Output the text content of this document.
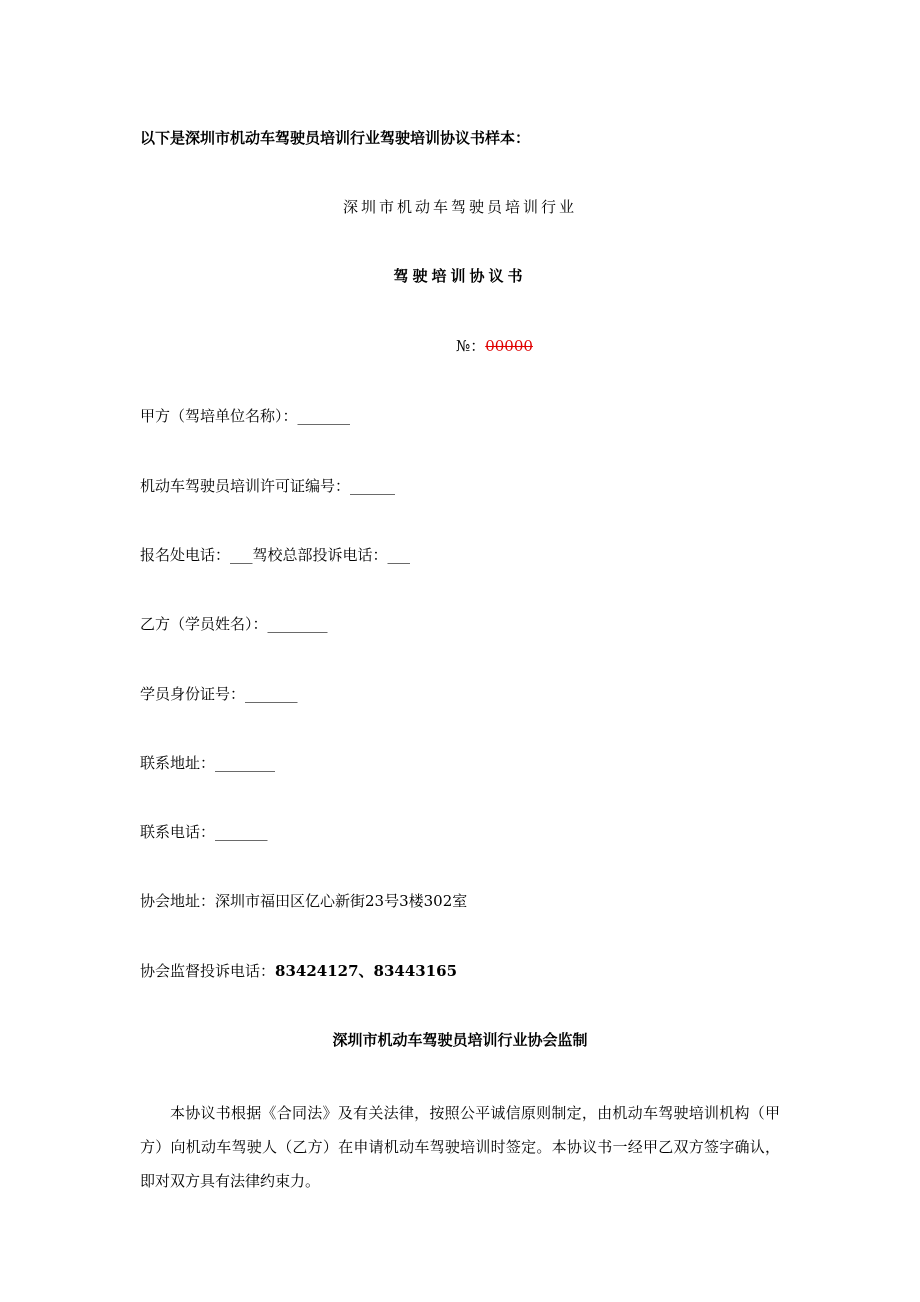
以下是深圳市机动车驾驶员培训行业驾驶培训协议书样本：
深圳市机动车驾驶员培训行业
驾驶培训协议书
№：00000
甲方（驾培单位名称）：_______
机动车驾驶员培训许可证编号：______
报名处电话：___驾校总部投诉电话：___
乙方（学员姓名）：________
学员身份证号：_______
联系地址：________
联系电话：_______
协会地址：深圳市福田区亿心新街23号3楼302室
协会监督投诉电话：83424127、83443165
深圳市机动车驾驶员培训行业协会监制
本协议书根据《合同法》及有关法律，按照公平诚信原则制定，由机动车驾驶培训机构（甲方）向机动车驾驶人（乙方）在申请机动车驾驶培训时签定。本协议书一经甲乙双方签字确认，即对双方具有法律约束力。
